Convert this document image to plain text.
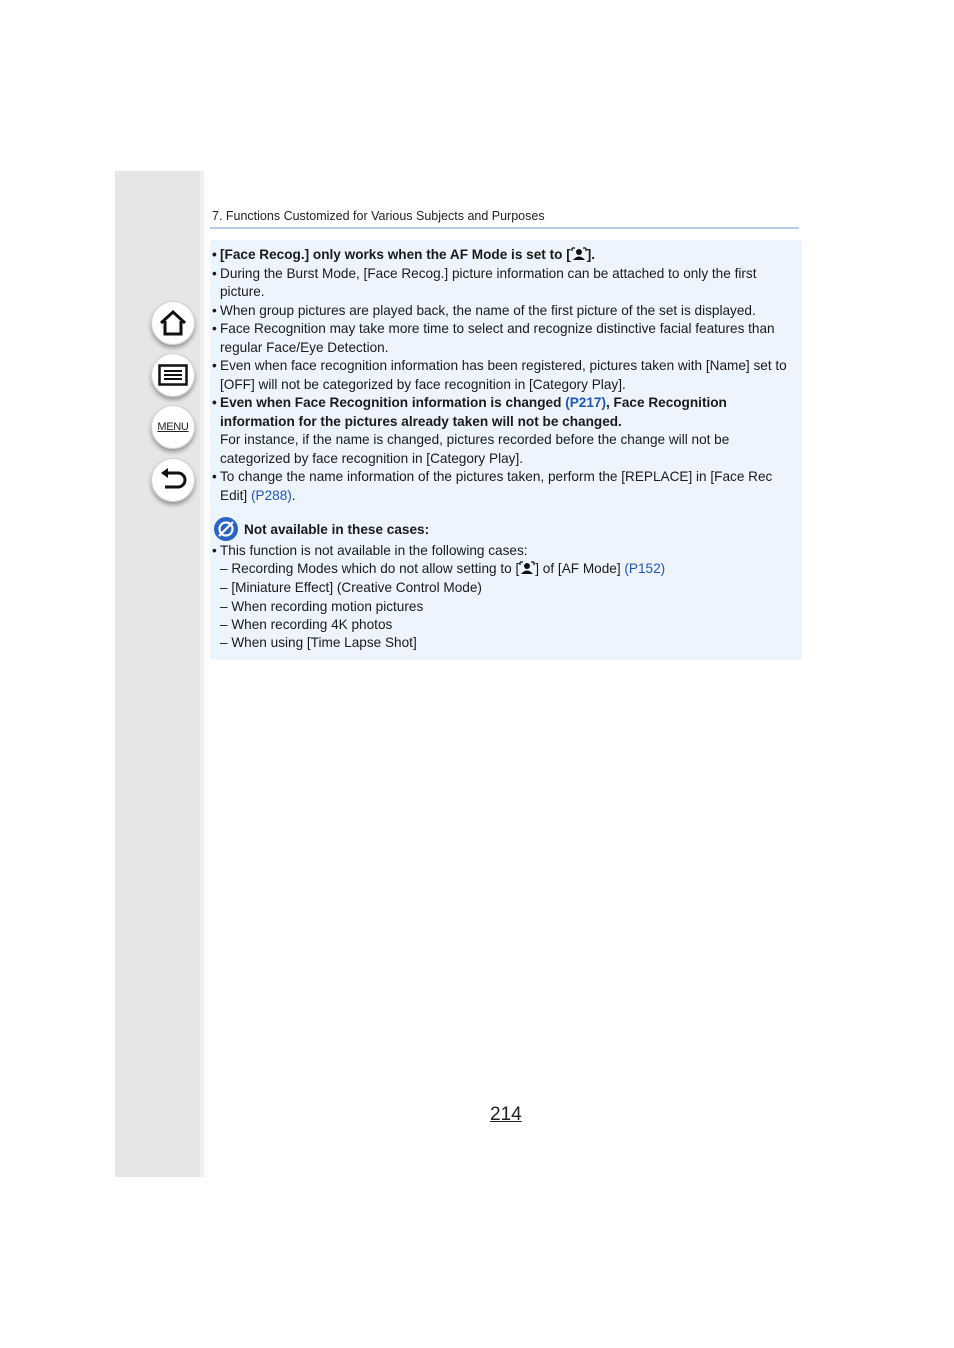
MENU
7. Functions Customized for Various Subjects and Purposes
• [Face Recog.] only works when the AF Mode is set to [ ].
• During the Burst Mode, [Face Recog.] picture information can be attached to only the first
picture.
• When group pictures are played back, the name of the first picture of the set is displayed.
• Face Recognition may take more time to select and recognize distinctive facial features than
regular Face/Eye Detection.
• Even when face recognition information has been registered, pictures taken with [Name] set to
[OFF] will not be categorized by face recognition in [Category Play].
• Even when Face Recognition information is changed (P217), Face Recognition
information for the pictures already taken will not be changed.
For instance, if the name is changed, pictures recorded before the change will not be
categorized by face recognition in [Category Play].
• To change the name information of the pictures taken, perform the [REPLACE] in [Face Rec
Edit] (P288).
Not available in these cases:
• This function is not available in the following cases:
– Recording Modes which do not allow setting to [ ] of [AF Mode] (P152)
– [Miniature Effect] (Creative Control Mode)
– When recording motion pictures
– When recording 4K photos
– When using [Time Lapse Shot]
214
